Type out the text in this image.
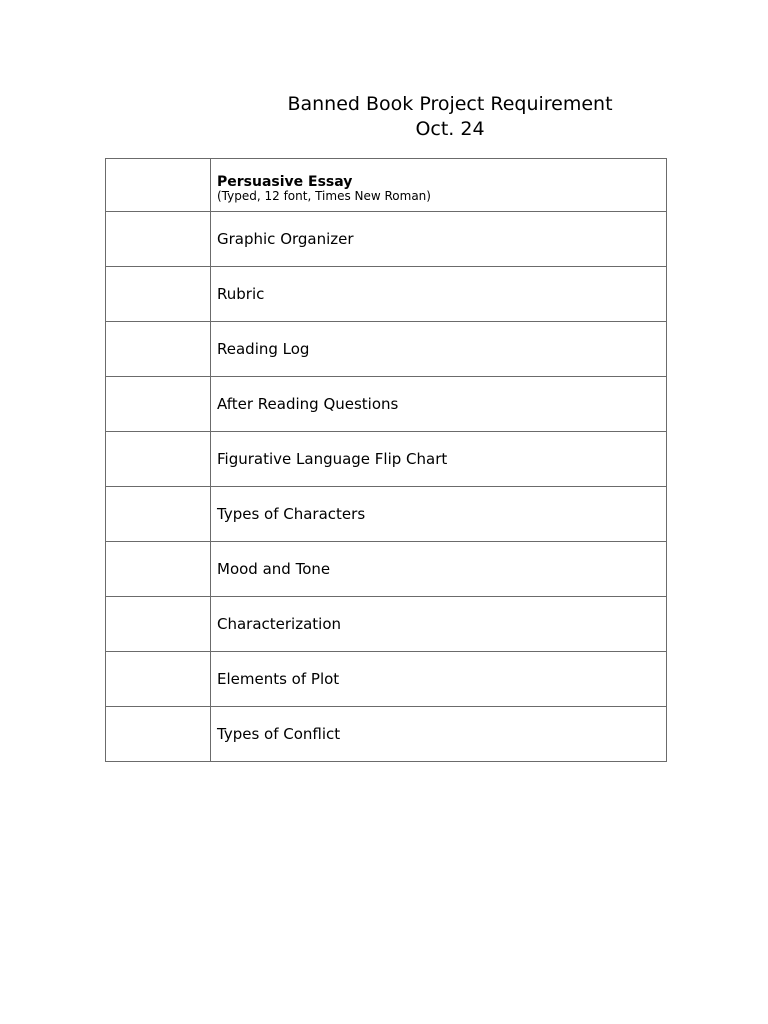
Banned Book Project Requirement
Oct. 24

	Persuasive Essay
(Typed, 12 font, Times New Roman)

	Graphic Organizer
	Rubric
	Reading Log
	After Reading Questions
	Figurative Language Flip Chart
	Types of Characters
	Mood and Tone
	Characterization
	Elements of Plot
	Types of Conflict
